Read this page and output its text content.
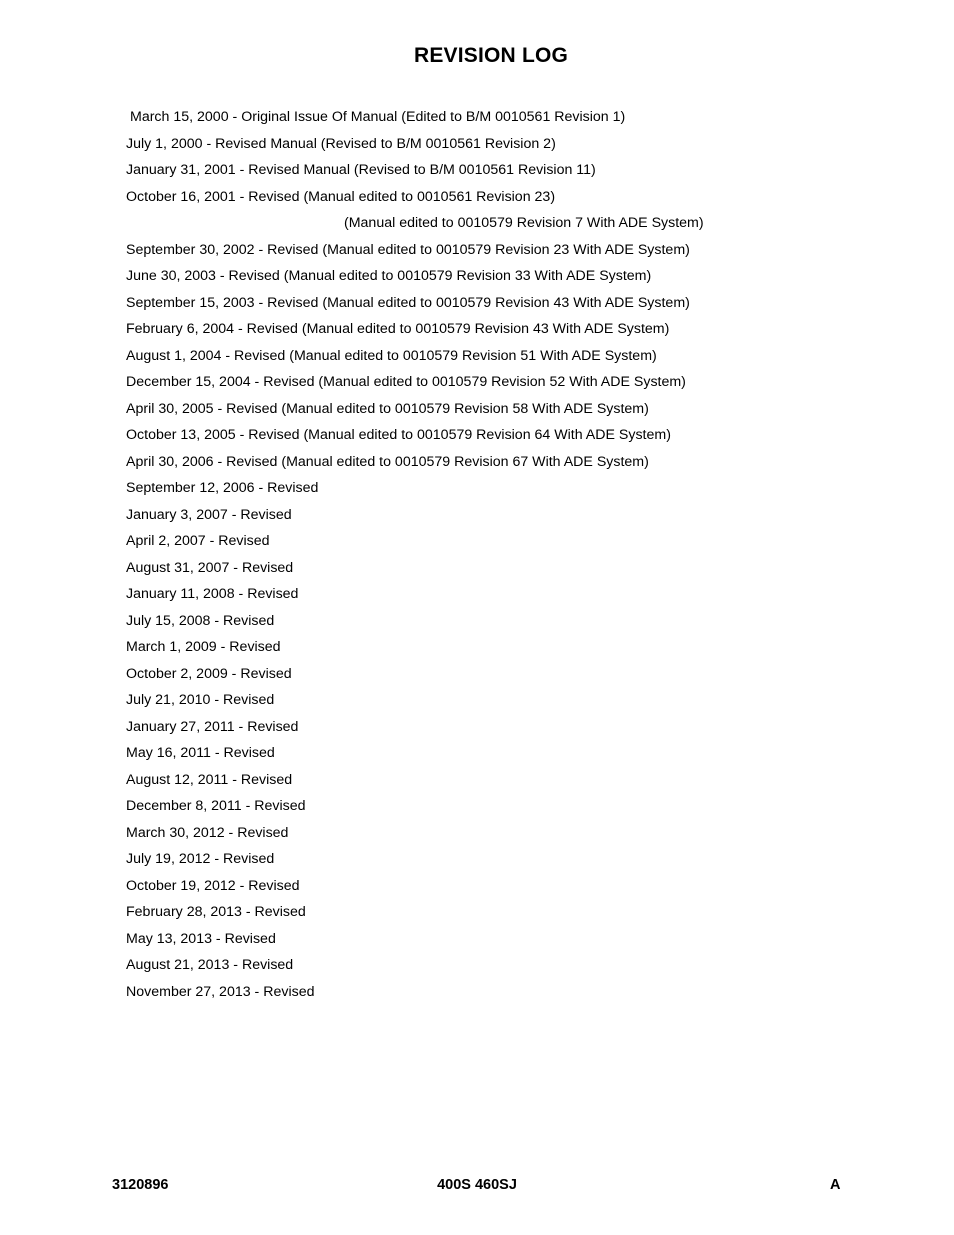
REVISION LOG
March 15, 2000 - Original Issue Of Manual (Edited to B/M 0010561 Revision 1)
July 1, 2000 - Revised Manual (Revised to B/M 0010561 Revision 2)
January 31, 2001 - Revised Manual (Revised to B/M 0010561 Revision 11)
October 16, 2001 - Revised (Manual edited to 0010561 Revision 23)
(Manual edited to 0010579 Revision 7 With ADE System)
September 30, 2002 - Revised (Manual edited to 0010579 Revision 23 With ADE System)
June 30, 2003 - Revised (Manual edited to 0010579 Revision 33 With ADE System)
September 15, 2003 - Revised (Manual edited to 0010579 Revision 43 With ADE System)
February 6, 2004 - Revised (Manual edited to 0010579 Revision 43 With ADE System)
August 1, 2004 - Revised (Manual edited to 0010579 Revision 51 With ADE System)
December 15, 2004 - Revised (Manual edited to 0010579 Revision 52 With ADE System)
April 30, 2005 - Revised (Manual edited to 0010579 Revision 58 With ADE System)
October 13, 2005 - Revised (Manual edited to 0010579 Revision 64 With ADE System)
April 30, 2006 - Revised (Manual edited to 0010579 Revision 67 With ADE System)
September 12, 2006 - Revised
January 3, 2007 - Revised
April 2, 2007 - Revised
August 31, 2007 - Revised
January 11, 2008 - Revised
July 15, 2008 - Revised
March 1, 2009 - Revised
October 2, 2009 - Revised
July 21, 2010 - Revised
January 27, 2011 - Revised
May 16, 2011 - Revised
August 12, 2011 - Revised
December 8, 2011 - Revised
March 30, 2012 - Revised
July 19, 2012 - Revised
October 19, 2012 - Revised
February 28, 2013 - Revised
May 13, 2013 - Revised
August 21, 2013 - Revised
November 27, 2013 - Revised
3120896	400S 460SJ	A
